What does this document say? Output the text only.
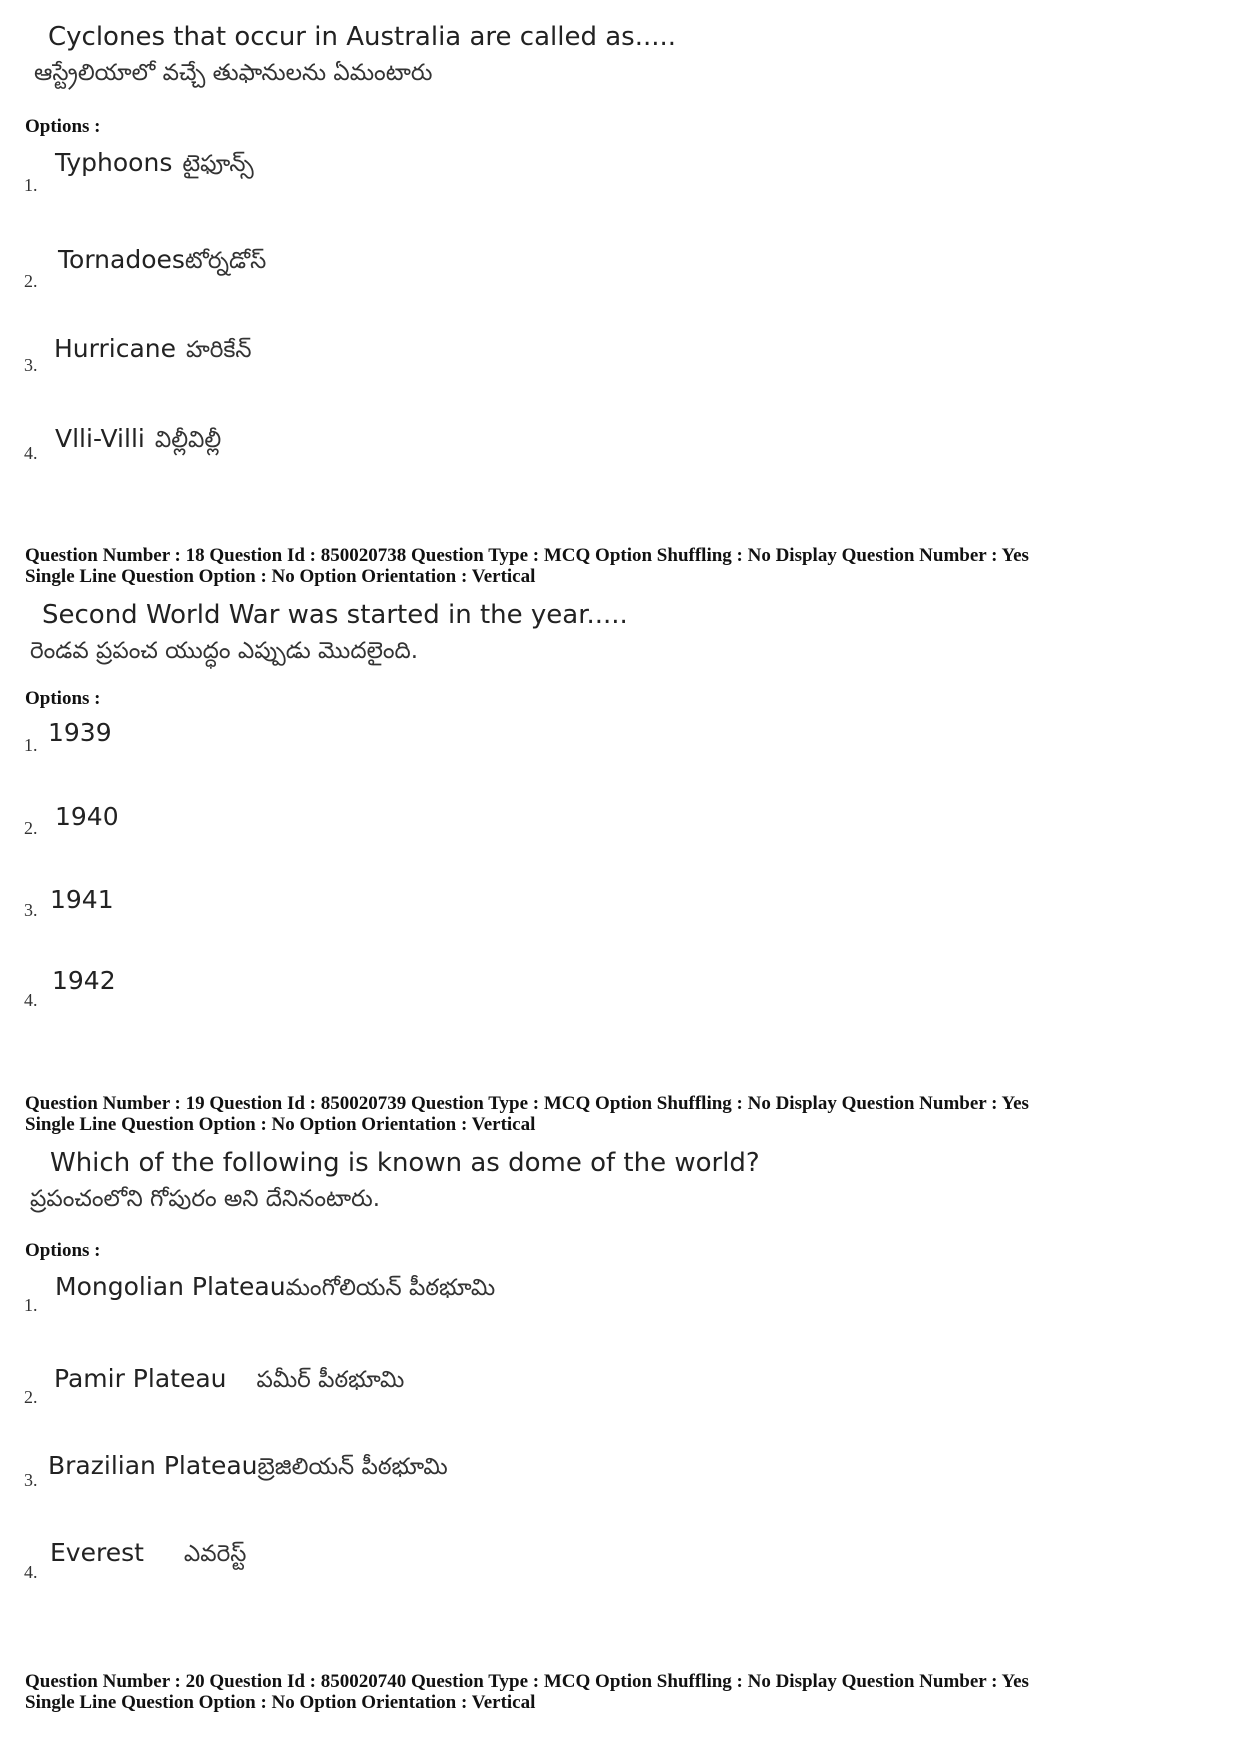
Cyclones that occur in Australia are called as.....
ఆస్ట్రేలియాలో వచ్చే తుఫానులను ఏమంటారు
Options :
1.
Typhoons టైఫూన్స్
2.
Tornadoesటోర్నడోస్
3.
Hurricane హరికేన్
4. Vlli-Villi విల్లీవిల్లీ
Question Number : 18 Question Id : 850020738 Question Type : MCQ Option Shuffling : No Display Question Number : Yes
Single Line Question Option : No Option Orientation : Vertical
Second World War was started in the year.....
రెండవ ప్రపంచ యుద్ధం ఎప్పుడు మొదలైంది.
Options :
1. 1939
2. 1940
3. 1941
4.
1942
Question Number : 19 Question Id : 850020739 Question Type : MCQ Option Shuffling : No Display Question Number : Yes
Single Line Question Option : No Option Orientation : Vertical
Which of the following is known as dome of the world?
ప్రపంచంలోని గోపురం అని దేనినంటారు.
Options :
1.
Mongolian Plateauమంగోలియన్ పీఠభూమి
2.
Pamir Plateau పమీర్ పీఠభూమి
3. Brazilian Plateauబ్రెజిలియన్ పీఠభూమి
4.
Everest ఎవరెస్ట్
Question Number : 20 Question Id : 850020740 Question Type : MCQ Option Shuffling : No Display Question Number : Yes
Single Line Question Option : No Option Orientation : Vertical
